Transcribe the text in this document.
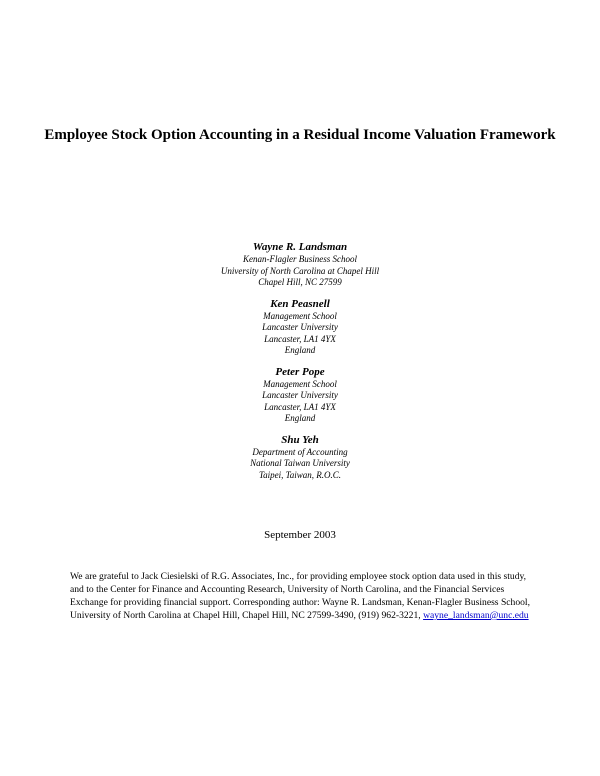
Employee Stock Option Accounting in a Residual Income Valuation Framework
Wayne R. Landsman
Kenan-Flagler Business School
University of North Carolina at Chapel Hill
Chapel Hill, NC 27599
Ken Peasnell
Management School
Lancaster University
Lancaster, LA1 4YX
England
Peter Pope
Management School
Lancaster University
Lancaster, LA1 4YX
England
Shu Yeh
Department of Accounting
National Taiwan University
Taipei, Taiwan, R.O.C.
September 2003
We are grateful to Jack Ciesielski of R.G. Associates, Inc., for providing employee stock option data used in this study, and to the Center for Finance and Accounting Research, University of North Carolina, and the Financial Services Exchange for providing financial support. Corresponding author: Wayne R. Landsman, Kenan-Flagler Business School, University of North Carolina at Chapel Hill, Chapel Hill, NC 27599-3490, (919) 962-3221, wayne_landsman@unc.edu
